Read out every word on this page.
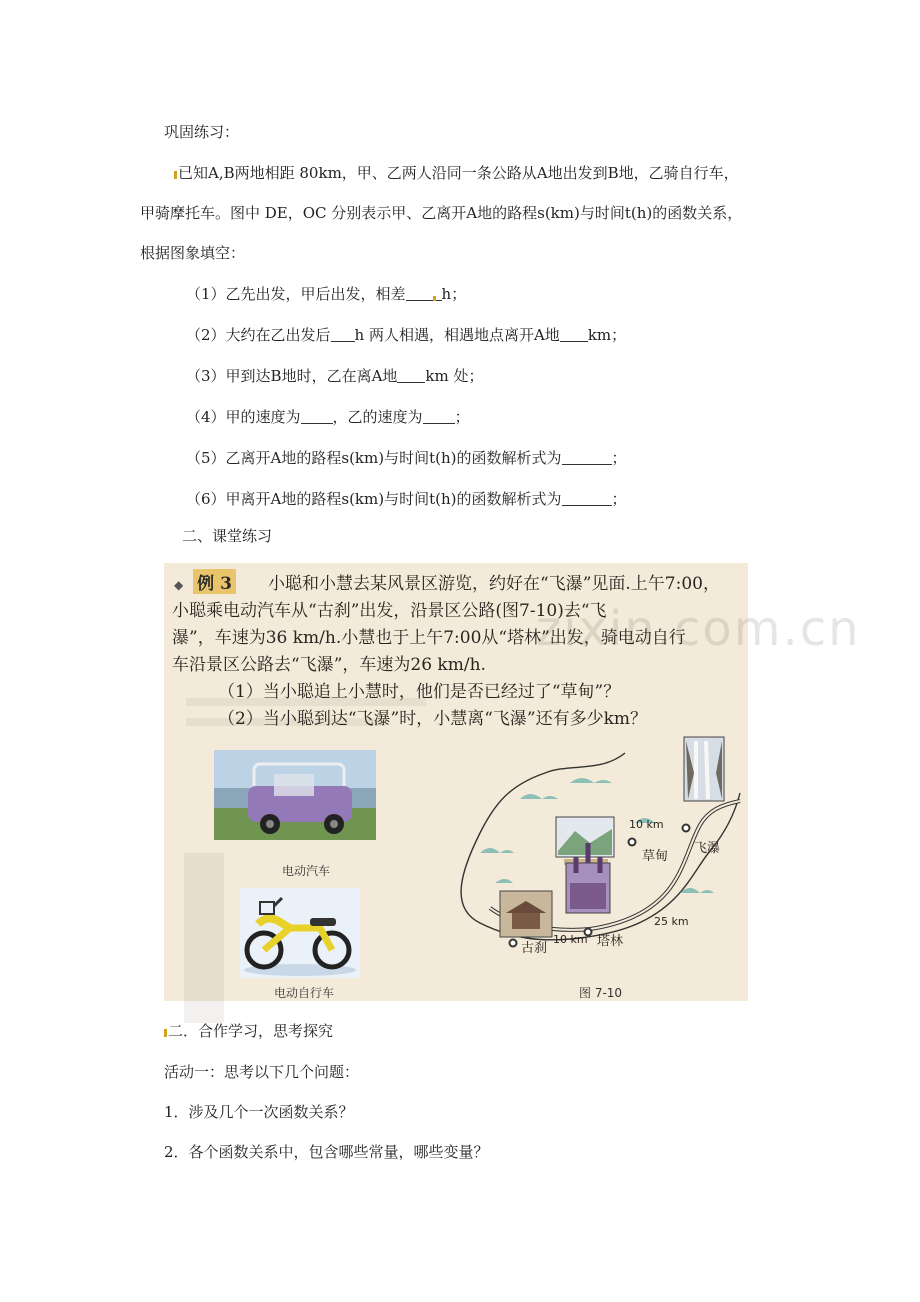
巩固练习：
已知A,B两地相距 80km，甲、乙两人沿同一条公路从A地出发到B地，乙骑自行车，
甲骑摩托车。图中 DE，OC 分别表示甲、乙离开A地的路程s(km)与时间t(h)的函数关系，
根据图象填空：
（1）乙先出发，甲后出发，相差 h；
（2）大约在乙出发后 h 两人相遇，相遇地点离开A地 km；
（3）甲到达B地时，乙在离A地 km 处；
（4）甲的速度为 ，乙的速度为 ；
（5）乙离开A地的路程s(km)与时间t(h)的函数解析式为	；
（6）甲离开A地的路程s(km)与时间t(h)的函数解析式为	；
二、课堂练习
zixin.com.cn
◆ 例 3 小聪和小慧去某风景区游览，约好在“飞瀑”见面.上午7:00，
小聪乘电动汽车从“古刹”出发，沿景区公路(图7-10)去“飞
瀑”，车速为36 km/h.小慧也于上午7:00从“塔林”出发，骑电动自行
车沿景区公路去“飞瀑”，车速为26 km/h.
（1）当小聪追上小慧时，他们是否已经过了“草甸”？
（2）当小聪到达“飞瀑”时，小慧离“飞瀑”还有多少km？
电动汽车
电动自行车
10 km
25 km
10 km
草甸
飞瀑
塔林
古刹
图 7-10
二．合作学习，思考探究
活动一：思考以下几个问题：
1．涉及几个一次函数关系？
2．各个函数关系中，包含哪些常量，哪些变量？
